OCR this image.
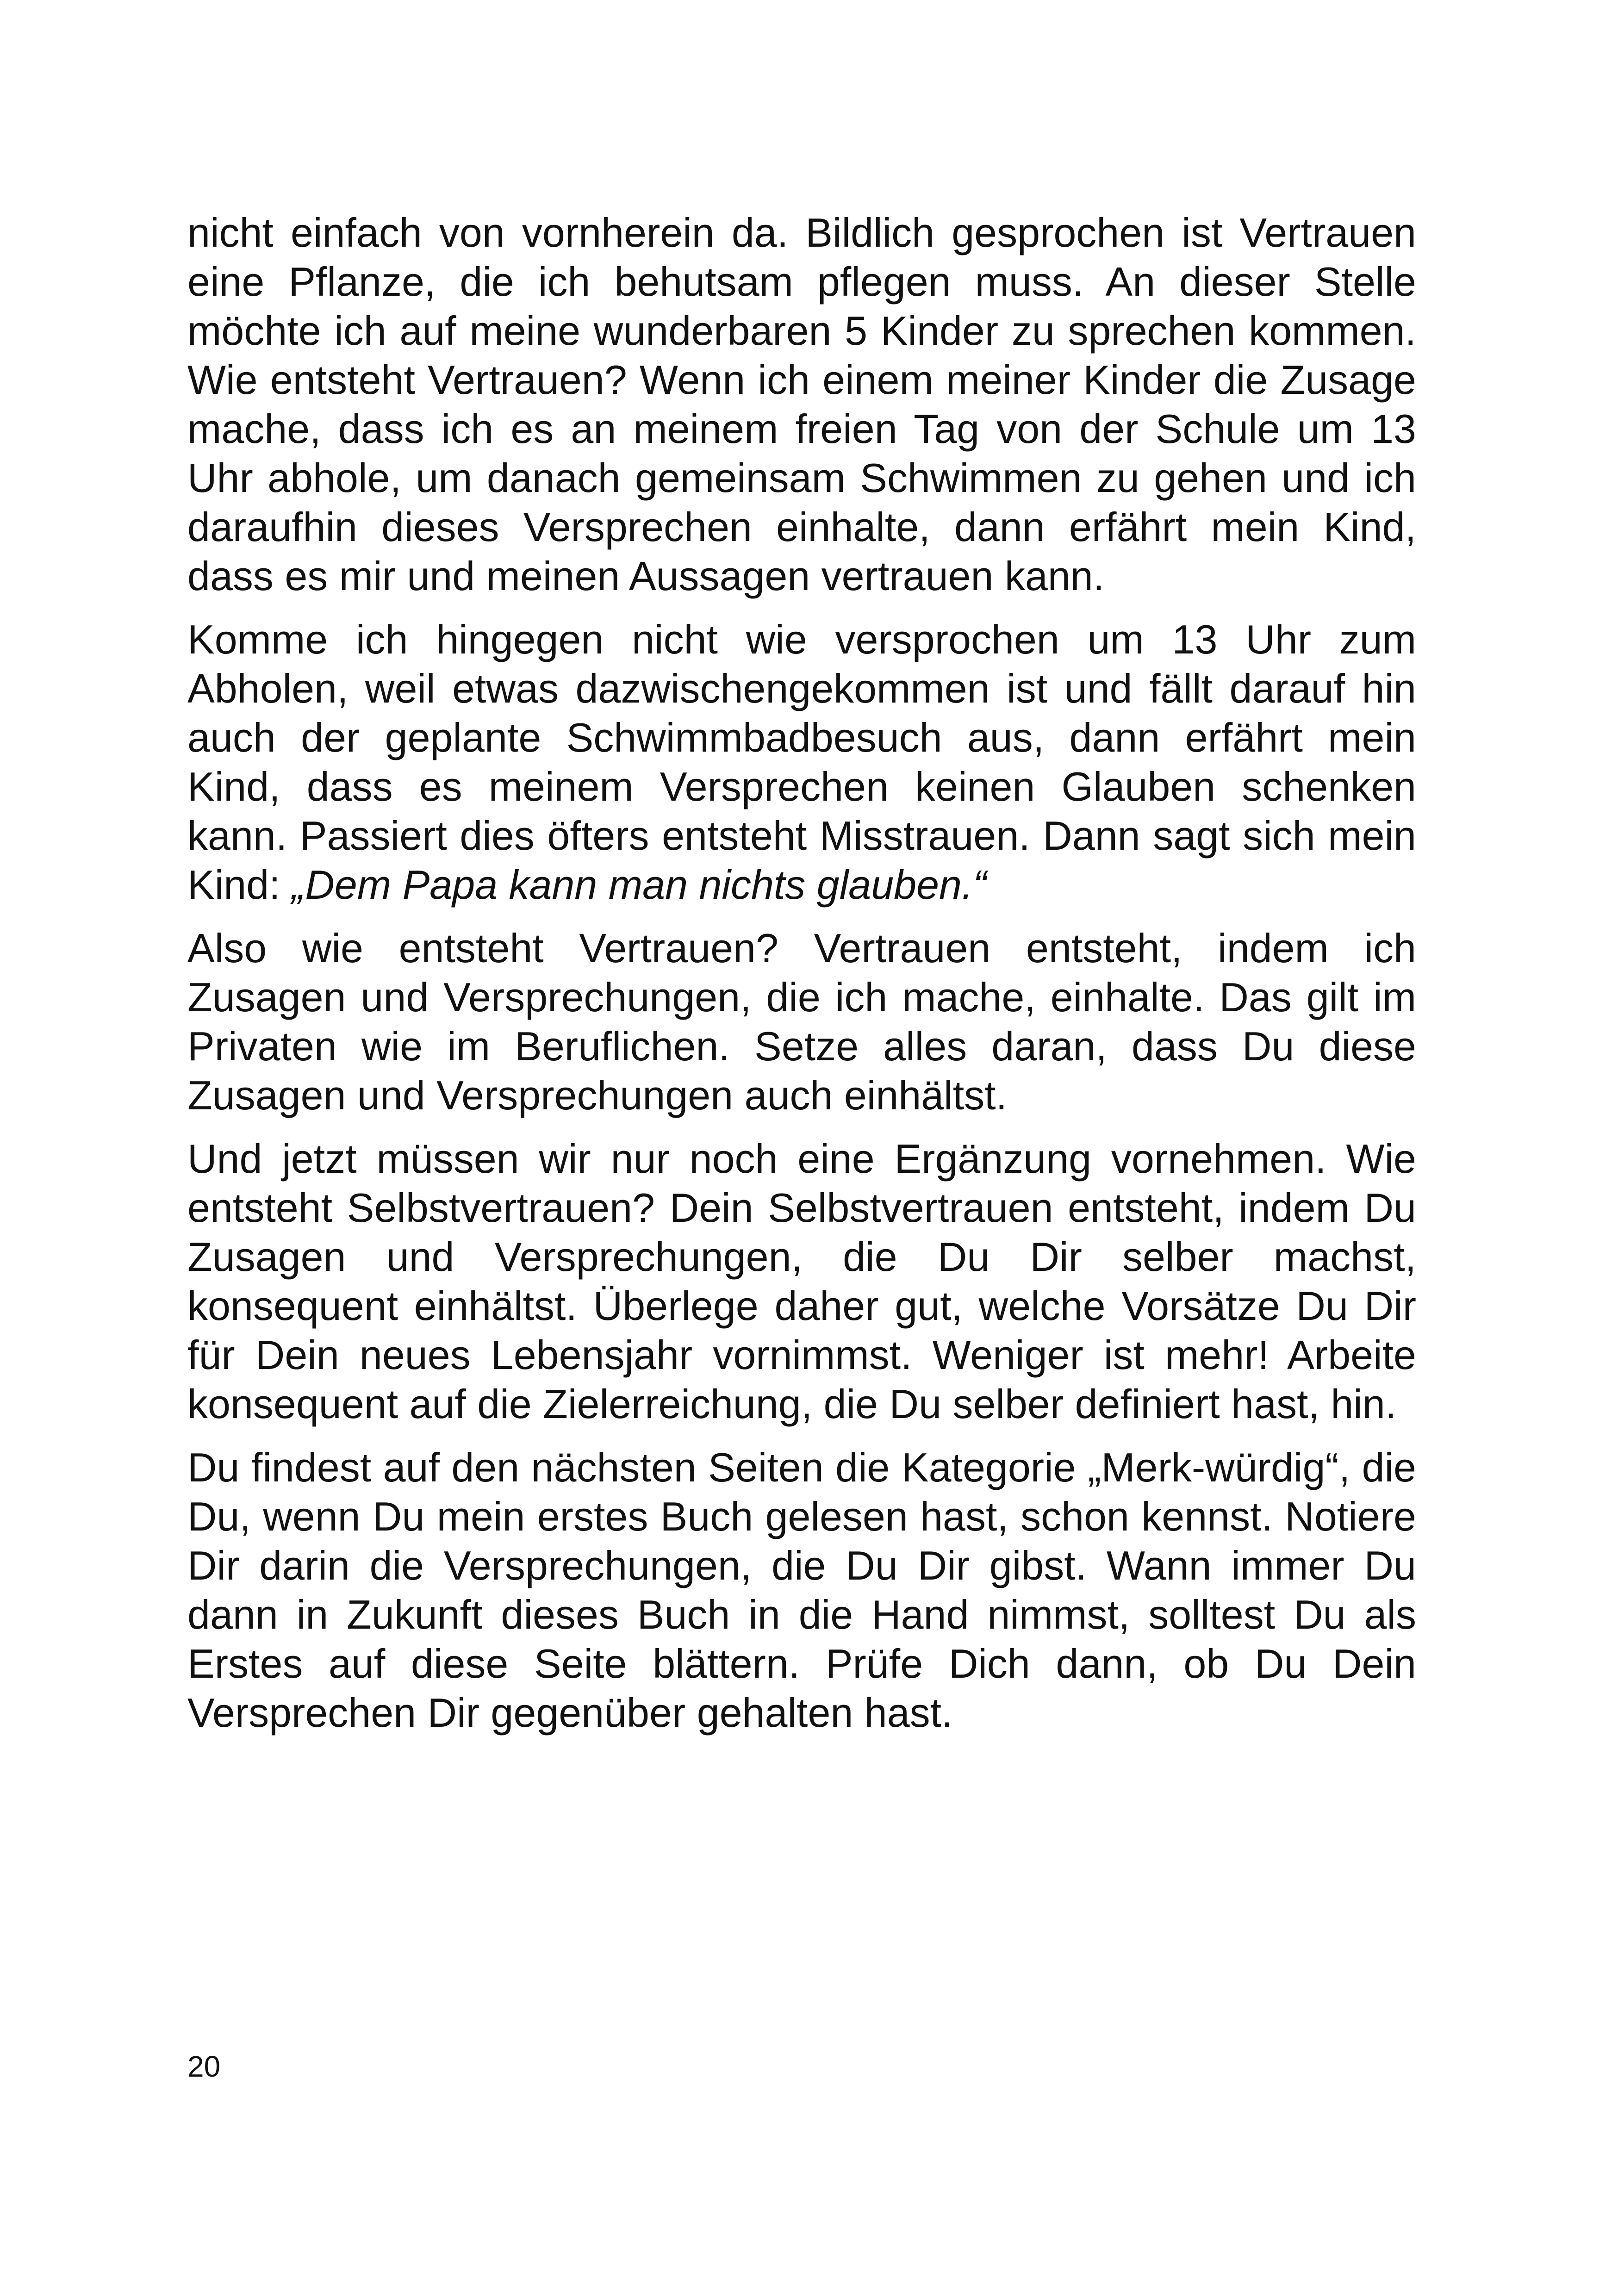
nicht einfach von vornherein da. Bildlich gesprochen ist Vertrauen eine Pflanze, die ich behutsam pflegen muss. An dieser Stelle möchte ich auf meine wunderbaren 5 Kinder zu sprechen kommen. Wie entsteht Vertrauen? Wenn ich einem meiner Kinder die Zusage mache, dass ich es an meinem freien Tag von der Schule um 13 Uhr abhole, um danach gemeinsam Schwimmen zu gehen und ich daraufhin dieses Versprechen einhalte, dann erfährt mein Kind, dass es mir und meinen Aussagen vertrauen kann.

Komme ich hingegen nicht wie versprochen um 13 Uhr zum Abholen, weil etwas dazwischengekommen ist und fällt darauf hin auch der geplante Schwimmbadbesuch aus, dann erfährt mein Kind, dass es meinem Versprechen keinen Glauben schenken kann. Passiert dies öfters entsteht Misstrauen. Dann sagt sich mein Kind: „Dem Papa kann man nichts glauben.“

Also wie entsteht Vertrauen? Vertrauen entsteht, indem ich Zusagen und Versprechungen, die ich mache, einhalte. Das gilt im Privaten wie im Beruflichen. Setze alles daran, dass Du diese Zusagen und Versprechungen auch einhältst.

Und jetzt müssen wir nur noch eine Ergänzung vornehmen. Wie entsteht Selbstvertrauen? Dein Selbstvertrauen entsteht, indem Du Zusagen und Versprechungen, die Du Dir selber machst, konsequent einhältst. Überlege daher gut, welche Vorsätze Du Dir für Dein neues Lebensjahr vornimmst. Weniger ist mehr! Arbeite konsequent auf die Zielerreichung, die Du selber definiert hast, hin.

Du findest auf den nächsten Seiten die Kategorie „Merk-würdig“, die Du, wenn Du mein erstes Buch gelesen hast, schon kennst. Notiere Dir darin die Versprechungen, die Du Dir gibst. Wann immer Du dann in Zukunft dieses Buch in die Hand nimmst, solltest Du als Erstes auf diese Seite blättern. Prüfe Dich dann, ob Du Dein Versprechen Dir gegenüber gehalten hast.

20
